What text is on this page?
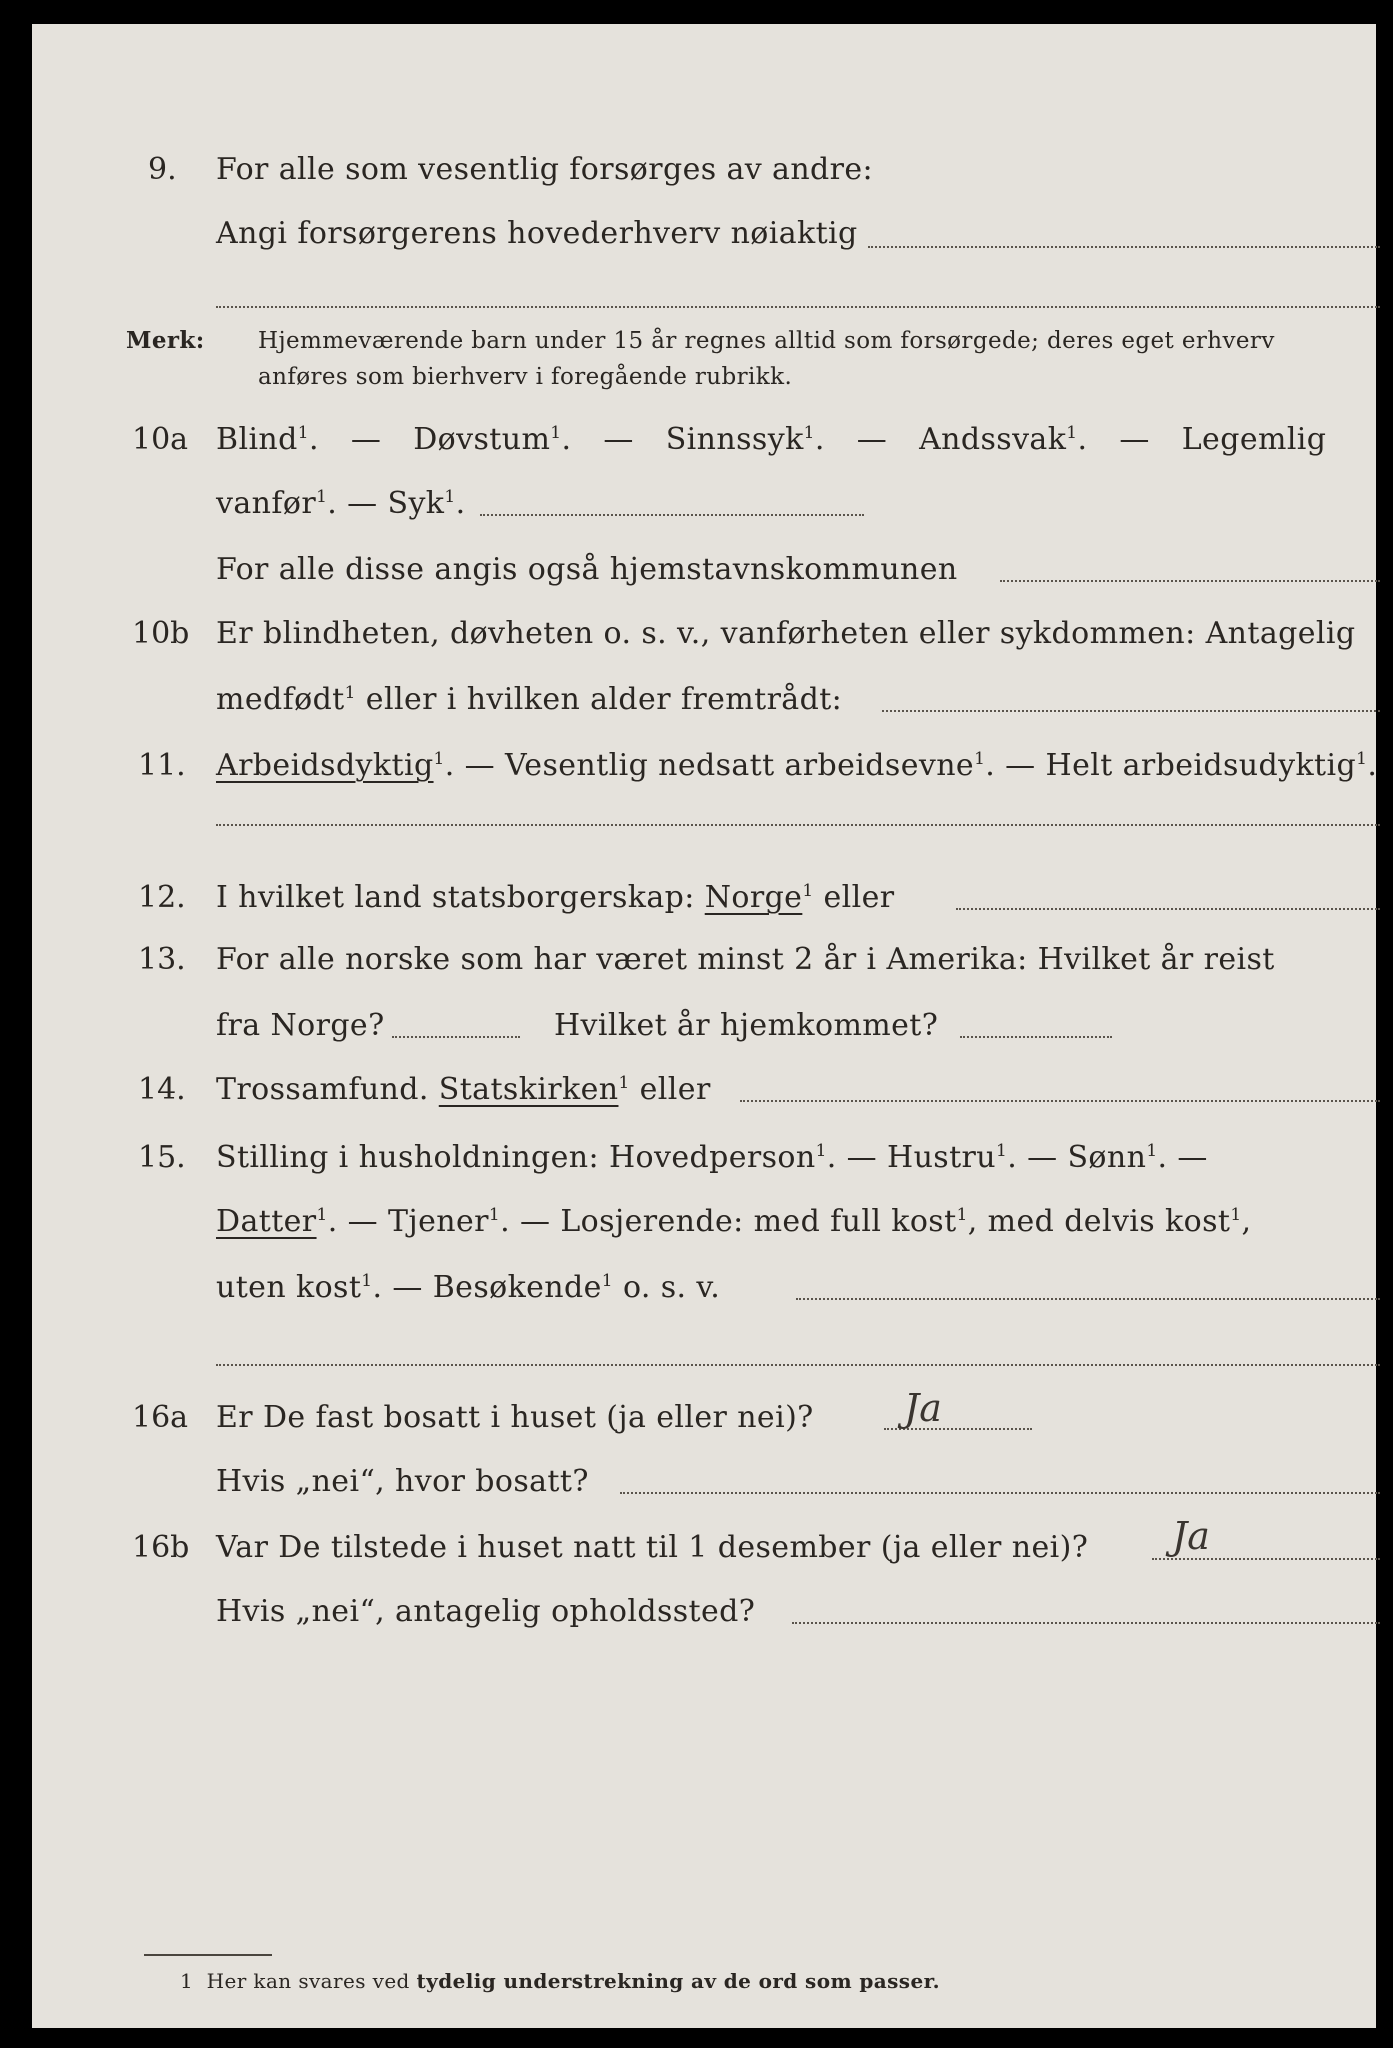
9. For alle som vesentlig forsørges av andre:
Angi forsørgerens hovederhverv nøiaktig
Merk: Hjemmeværende barn under 15 år regnes alltid som forsørgede; deres eget erhverv
anføres som bierhverv i foregående rubrikk.
10a Blind$^1$. — Døvstum$^1$. — Sinnssyk$^1$. — Andssvak$^1$. — Legemlig
vanfør$^1$. — Syk$^1$.
For alle disse angis også hjemstavnskommunen
10b Er blindheten, døvheten o. s. v., vanførheten eller sykdommen: Antagelig
medfødt$^1$ eller i hvilken alder fremtrådt:
11. Arbeidsdyktig$^1$. — Vesentlig nedsatt arbeidsevne$^1$. — Helt arbeidsudyktig$^1$.
12. I hvilket land statsborgerskap: Norge$^1$ eller
13. For alle norske som har været minst 2 år i Amerika: Hvilket år reist
fra Norge?	Hvilket år hjemkommet?
14. Trossamfund. Statskirken$^1$ eller
15. Stilling i husholdningen: Hovedperson$^1$. — Hustru$^1$. — Sønn$^1$. —
Datter$^1$. — Tjener$^1$. — Losjerende: med full kost$^1$, med delvis kost$^1$,
uten kost$^1$. — Besøkende$^1$ o. s. v.
16a Er De fast bosatt i huset (ja eller nei)? Ja
Hvis „nei“, hvor bosatt?
16b Var De tilstede i huset natt til 1 desember (ja eller nei)? Ja
Hvis „nei“, antagelig opholdssted?
1 Her kan svares ved tydelig understrekning av de ord som passer.
